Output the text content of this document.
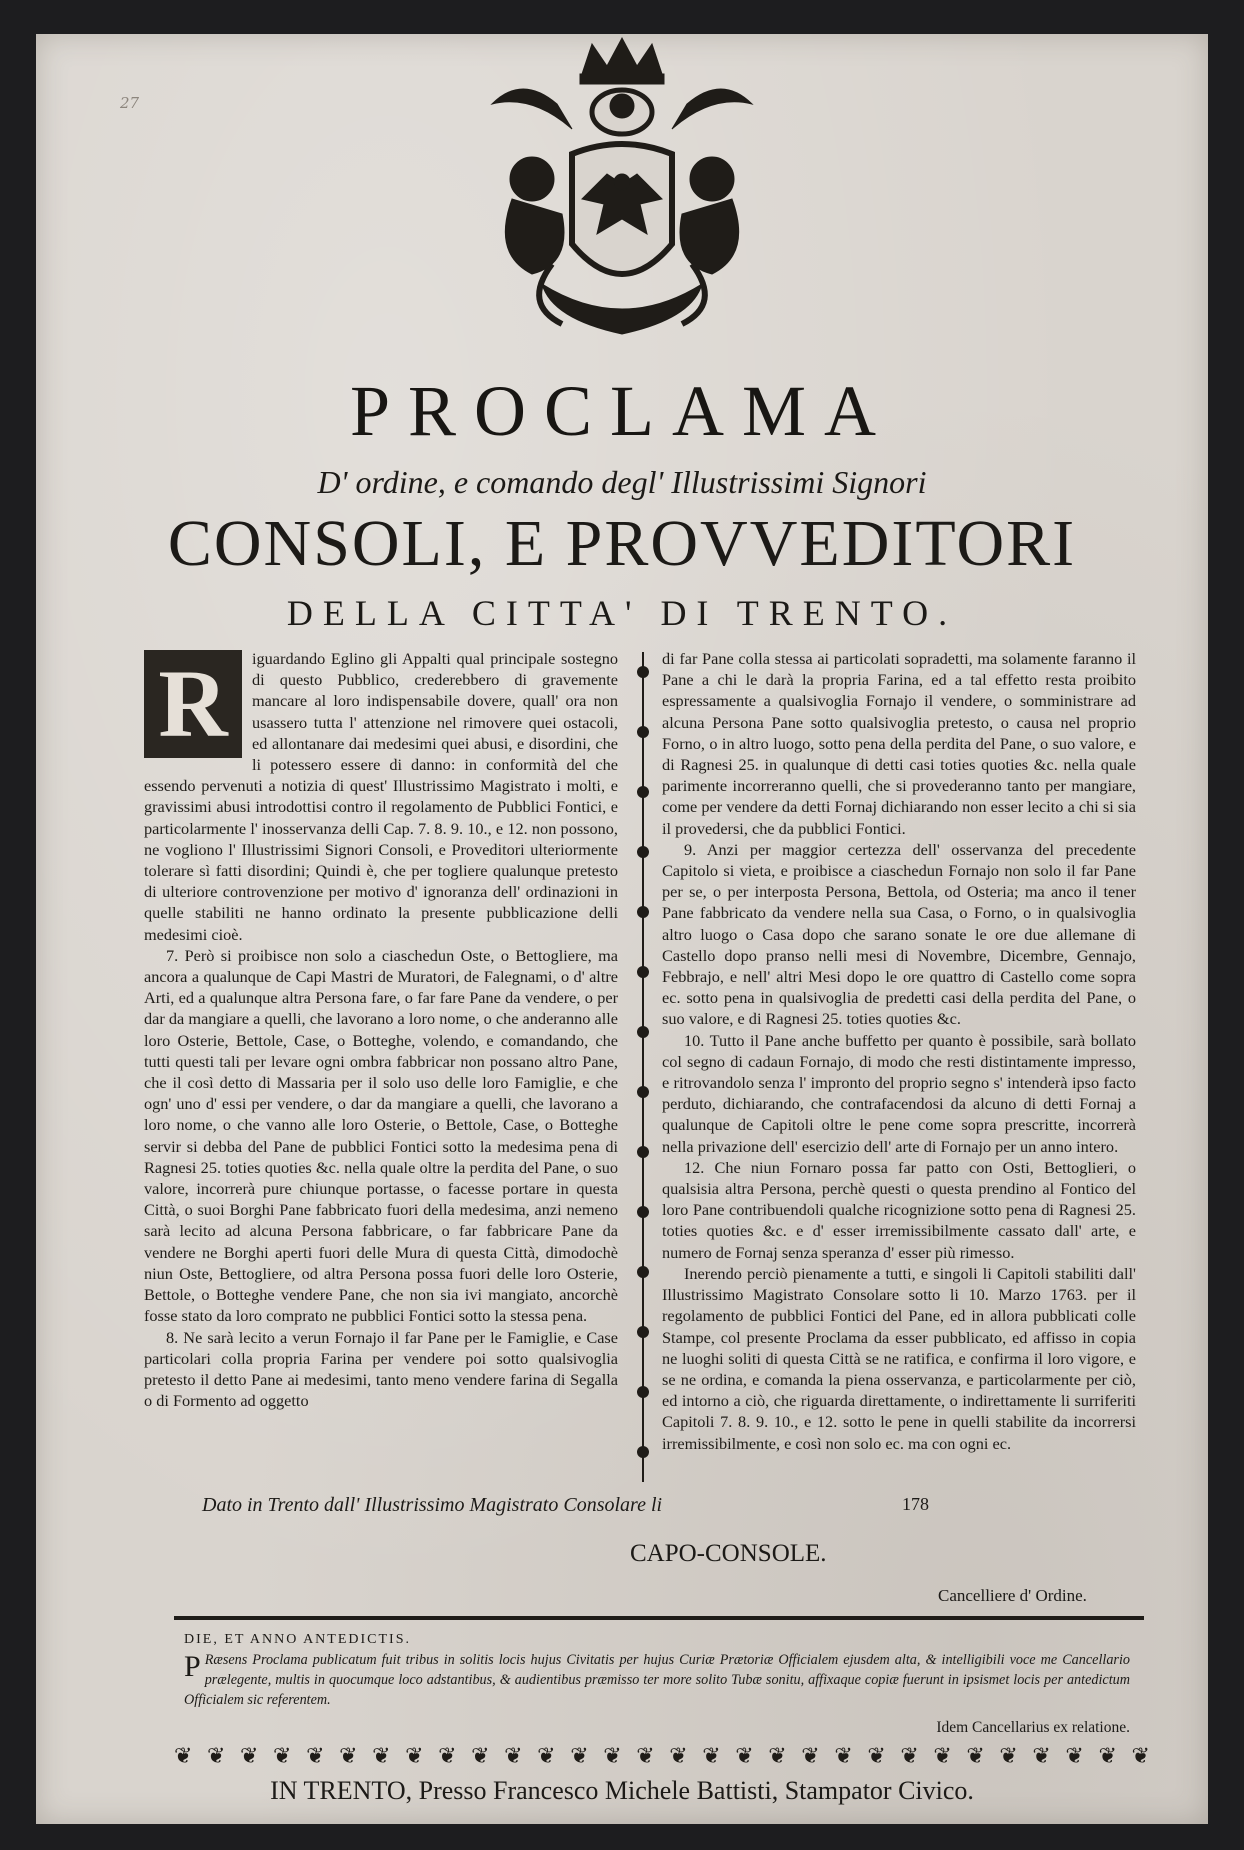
27
PROCLAMA
D' ordine, e comando degl' Illustrissimi Signori
CONSOLI, E PROVVEDITORI
DELLA CITTA' DI TRENTO.
R	iguardando Eglino gli Appalti qual principale sostegno di questo Pubblico, crederebbero di gravemente mancare al loro indispensabile dovere, quall' ora non usassero tutta l' attenzione nel rimovere quei ostacoli, ed allontanare dai medesimi quei abusi, e disordini, che li potessero essere di danno: in conformità del che essendo pervenuti a notizia di quest' Illustrissimo Magistrato i molti, e gravissimi abusi introdottisi contro il regolamento de Pubblici Fontici, e particolarmente l' inosservanza delli Cap. 7. 8. 9. 10., e 12. non possono, ne vogliono l' Illustrissimi Signori Consoli, e Proveditori ulteriormente tolerare sì fatti disordini; Quindi è, che per togliere qualunque pretesto di ulteriore controvenzione per motivo d' ignoranza dell' ordinazioni in quelle stabiliti ne hanno ordinato la presente pubblicazione delli medesimi cioè.

7. Però si proibisce non solo a ciaschedun Oste, o Bettogliere, ma ancora a qualunque de Capi Mastri de Muratori, de Falegnami, o d' altre Arti, ed a qualunque altra Persona fare, o far fare Pane da vendere, o per dar da mangiare a quelli, che lavorano a loro nome, o che anderanno alle loro Osterie, Bettole, Case, o Botteghe, volendo, e comandando, che tutti questi tali per levare ogni ombra fabbricar non possano altro Pane, che il così detto di Massaria per il solo uso delle loro Famiglie, e che ogn' uno d' essi per vendere, o dar da mangiare a quelli, che lavorano a loro nome, o che vanno alle loro Osterie, o Bettole, Case, o Botteghe servir si debba del Pane de pubblici Fontici sotto la medesima pena di Ragnesi 25. toties quoties &c. nella quale oltre la perdita del Pane, o suo valore, incorrerà pure chiunque portasse, o facesse portare in questa Città, o suoi Borghi Pane fabbricato fuori della medesima, anzi nemeno sarà lecito ad alcuna Persona fabbricare, o far fabbricare Pane da vendere ne Borghi aperti fuori delle Mura di questa Città, dimodochè niun Oste, Bettogliere, od altra Persona possa fuori delle loro Osterie, Bettole, o Botteghe vendere Pane, che non sia ivi mangiato, ancorchè fosse stato da loro comprato ne pubblici Fontici sotto la stessa pena.

8. Ne sarà lecito a verun Fornajo il far Pane per le Famiglie, e Case particolari colla propria Farina per vendere poi sotto qualsivoglia pretesto il detto Pane ai medesimi, tanto meno vendere farina di Segalla o di Formento ad oggetto

di far Pane colla stessa ai particolati sopradetti, ma solamente faranno il Pane a chi le darà la propria Farina, ed a tal effetto resta proibito espressamente a qualsivoglia Fornajo il vendere, o somministrare ad alcuna Persona Pane sotto qualsivoglia pretesto, o causa nel proprio Forno, o in altro luogo, sotto pena della perdita del Pane, o suo valore, e di Ragnesi 25. in qualunque di detti casi toties quoties &c. nella quale parimente incorreranno quelli, che si provederanno tanto per mangiare, come per vendere da detti Fornaj dichiarando non esser lecito a chi si sia il provedersi, che da pubblici Fontici.

9. Anzi per maggior certezza dell' osservanza del precedente Capitolo si vieta, e proibisce a ciaschedun Fornajo non solo il far Pane per se, o per interposta Persona, Bettola, od Osteria; ma anco il tener Pane fabbricato da vendere nella sua Casa, o Forno, o in qualsivoglia altro luogo o Casa dopo che sarano sonate le ore due allemane di Castello dopo pranso nelli mesi di Novembre, Dicembre, Gennajo, Febbrajo, e nell' altri Mesi dopo le ore quattro di Castello come sopra ec. sotto pena in qualsivoglia de predetti casi della perdita del Pane, o suo valore, e di Ragnesi 25. toties quoties &c.

10. Tutto il Pane anche buffetto per quanto è possibile, sarà bollato col segno di cadaun Fornajo, di modo che resti distintamente impresso, e ritrovandolo senza l' impronto del proprio segno s' intenderà ipso facto perduto, dichiarando, che contrafacendosi da alcuno di detti Fornaj a qualunque de Capitoli oltre le pene come sopra prescritte, incorrerà nella privazione dell' esercizio dell' arte di Fornajo per un anno intero.

12. Che niun Fornaro possa far patto con Osti, Bettoglieri, o qualsisia altra Persona, perchè questi o questa prendino al Fontico del loro Pane contribuendoli qualche ricognizione sotto pena di Ragnesi 25. toties quoties &c. e d' esser irremissibilmente cassato dall' arte, e numero de Fornaj senza speranza d' esser più rimesso.

Inerendo perciò pienamente a tutti, e singoli li Capitoli stabiliti dall' Illustrissimo Magistrato Consolare sotto li 10. Marzo 1763. per il regolamento de pubblici Fontici del Pane, ed in allora pubblicati colle Stampe, col presente Proclama da esser pubblicato, ed affisso in copia ne luoghi soliti di questa Città se ne ratifica, e confirma il loro vigore, e se ne ordina, e comanda la piena osservanza, e particolarmente per ciò, ed intorno a ciò, che riguarda direttamente, o indirettamente li surriferiti Capitoli 7. 8. 9. 10., e 12. sotto le pene in quelli stabilite da incorrersi irremissibilmente, e così non solo ec. ma con ogni ec.

Dato in Trento dall' Illustrissimo Magistrato Consolare li	178
CAPO-CONSOLE.
Cancelliere d' Ordine.
DIE, ET ANNO ANTEDICTIS.
P Ræsens Proclama publicatum fuit tribus in solitis locis hujus Civitatis per hujus Curiæ Prætoriæ Officialem ejusdem alta, & intelligibili voce me Cancellario prælegente, multis in quocumque loco adstantibus, & audientibus præmisso ter more solito Tubæ sonitu, affixaque copiæ fuerunt in ipsismet locis per antedictum Officialem sic referentem.
Idem Cancellarius ex relatione.
❦ ❦ ❦ ❦ ❦ ❦ ❦ ❦ ❦ ❦ ❦ ❦ ❦ ❦ ❦ ❦ ❦ ❦ ❦ ❦ ❦ ❦ ❦ ❦ ❦ ❦ ❦ ❦ ❦ ❦
IN TRENTO, Presso Francesco Michele Battisti, Stampator Civico.
